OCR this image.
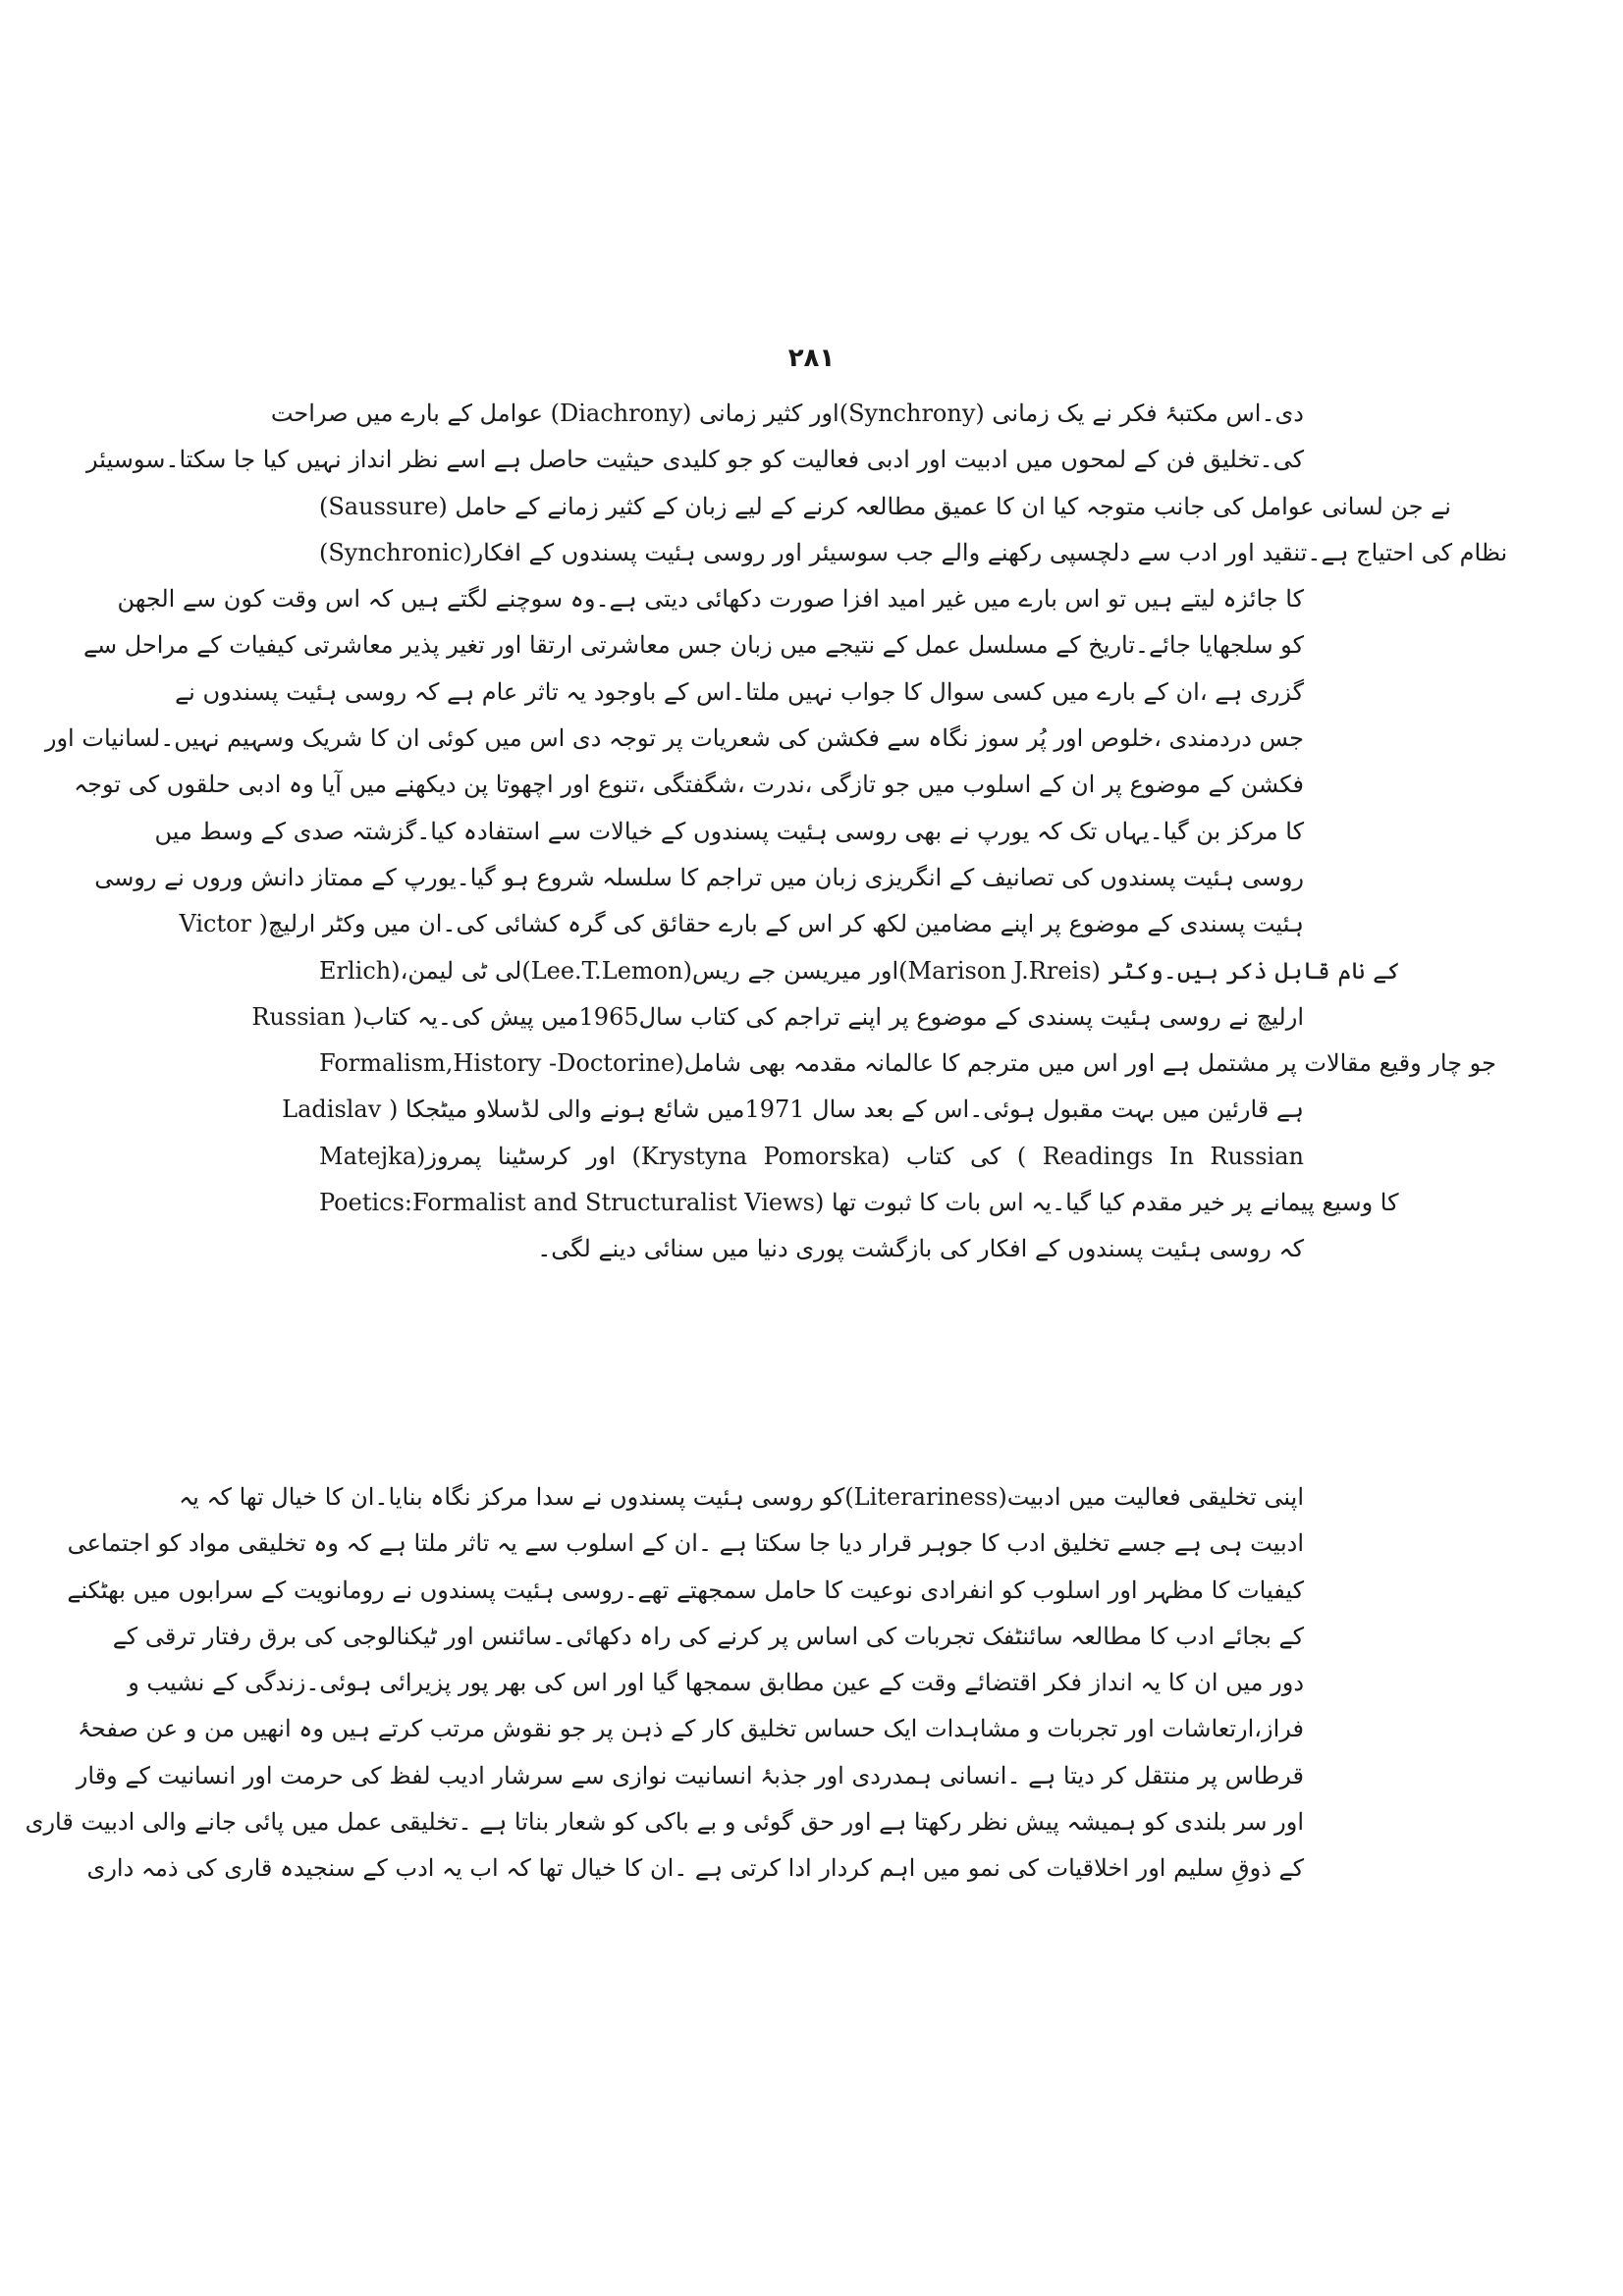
۲۸۱
دی۔اس مکتبۂ فکر نے یک زمانی (Synchrony)اور کثیر زمانی (Diachrony) عوامل کے بارے میں صراحت
کی۔تخلیق فن کے لمحوں میں ادبیت اور ادبی فعالیت کو جو کلیدی حیثیت حاصل ہے اسے نظر انداز نہیں کیا جا سکتا۔سوسیئر
(Saussure) نے جن لسانی عوامل کی جانب متوجہ کیا ان کا عمیق مطالعہ کرنے کے لیے زبان کے کثیر زمانے کے حامل
(Synchronic)نظام کی احتیاج ہے۔تنقید اور ادب سے دلچسپی رکھنے والے جب سوسیئر اور روسی ہئیت پسندوں کے افکار
کا جائزہ لیتے ہیں تو اس بارے میں غیر امید افزا صورت دکھائی دیتی ہے۔وہ سوچنے لگتے ہیں کہ اس وقت کون سے الجھن
کو سلجھایا جائے۔تاریخ کے مسلسل عمل کے نتیجے میں زبان جس معاشرتی ارتقا اور تغیر پذیر معاشرتی کیفیات کے مراحل سے
گزری ہے ،ان کے بارے میں کسی سوال کا جواب نہیں ملتا۔اس کے باوجود یہ تاثر عام ہے کہ روسی ہئیت پسندوں نے
جس دردمندی ،خلوص اور پُر سوز نگاہ سے فکشن کی شعریات پر توجہ دی اس میں کوئی ان کا شریک وسہیم نہیں۔لسانیات اور
فکشن کے موضوع پر ان کے اسلوب میں جو تازگی ،ندرت ،شگفتگی ،تنوع اور اچھوتا پن دیکھنے میں آیا وہ ادبی حلقوں کی توجہ
کا مرکز بن گیا۔یہاں تک کہ یورپ نے بھی روسی ہئیت پسندوں کے خیالات سے استفادہ کیا۔گزشتہ صدی کے وسط میں
روسی ہئیت پسندوں کی تصانیف کے انگریزی زبان میں تراجم کا سلسلہ شروع ہو گیا۔یورپ کے ممتاز دانش وروں نے روسی
ہئیت پسندی کے موضوع پر اپنے مضامین لکھ کر اس کے بارے حقائق کی گرہ کشائی کی۔ان میں وکٹر ارلیچ( Victor
Erlich)،لی ٹی لیمن(Lee.T.Lemon)اور میریسن جے ریس(Marison J.Rreis) کے نام قابل ذکر ہیں۔وکٹر
ارلیچ نے روسی ہئیت پسندی کے موضوع پر اپنے تراجم کی کتاب سال1965میں پیش کی۔یہ کتاب( Russian
Formalism,History -Doctorine)جو چار وقیع مقالات پر مشتمل ہے اور اس میں مترجم کا عالمانہ مقدمہ بھی شامل
ہے قارئین میں بہت مقبول ہوئی۔اس کے بعد سال 1971میں شائع ہونے والی لڈسلاو میٹجکا ( Ladislav
Matejka)اور کرسٹینا پمروز (Krystyna Pomorska) کی کتاب ( Readings In Russian
Poetics:Formalist and Structuralist Views) کا وسیع پیمانے پر خیر مقدم کیا گیا۔یہ اس بات کا ثبوت تھا
کہ روسی ہئیت پسندوں کے افکار کی بازگشت پوری دنیا میں سنائی دینے لگی۔
اپنی تخلیقی فعالیت میں ادبیت(Literariness)کو روسی ہئیت پسندوں نے سدا مرکز نگاہ بنایا۔ان کا خیال تھا کہ یہ
ادبیت ہی ہے جسے تخلیق ادب کا جوہر قرار دیا جا سکتا ہے ۔ان کے اسلوب سے یہ تاثر ملتا ہے کہ وہ تخلیقی مواد کو اجتماعی
کیفیات کا مظہر اور اسلوب کو انفرادی نوعیت کا حامل سمجھتے تھے۔روسی ہئیت پسندوں نے رومانویت کے سرابوں میں بھٹکنے
کے بجائے ادب کا مطالعہ سائنٹفک تجربات کی اساس پر کرنے کی راہ دکھائی۔سائنس اور ٹیکنالوجی کی برق رفتار ترقی کے
دور میں ان کا یہ انداز فکر اقتضائے وقت کے عین مطابق سمجھا گیا اور اس کی بھر پور پزیرائی ہوئی۔زندگی کے نشیب و
فراز،ارتعاشات اور تجربات و مشاہدات ایک حساس تخلیق کار کے ذہن پر جو نقوش مرتب کرتے ہیں وہ انھیں من و عن صفحۂ
قرطاس پر منتقل کر دیتا ہے ۔انسانی ہمدردی اور جذبۂ انسانیت نوازی سے سرشار ادیب لفظ کی حرمت اور انسانیت کے وقار
اور سر بلندی کو ہمیشہ پیش نظر رکھتا ہے اور حق گوئی و بے باکی کو شعار بناتا ہے ۔تخلیقی عمل میں پائی جانے والی ادبیت قاری
کے ذوقِ سلیم اور اخلاقیات کی نمو میں اہم کردار ادا کرتی ہے ۔ان کا خیال تھا کہ اب یہ ادب کے سنجیدہ قاری کی ذمہ داری
